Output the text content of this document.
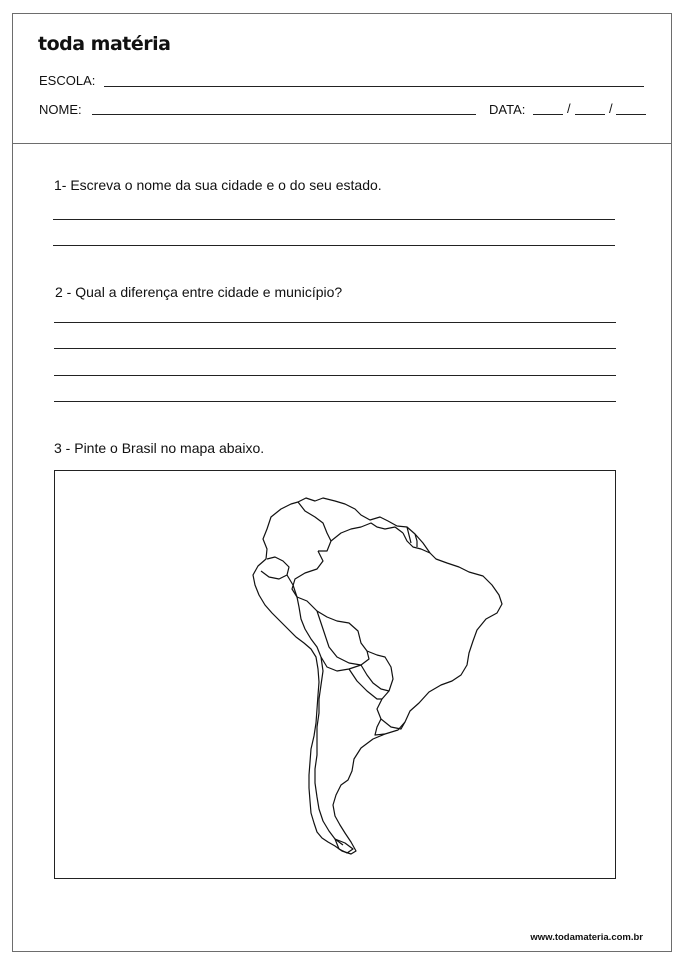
toda matéria
ESCOLA:
NOME:	DATA:	/	/
1- Escreva o nome da sua cidade e o do seu estado.
2 - Qual a diferença entre cidade e município?
3 - Pinte o Brasil no mapa abaixo.
www.todamateria.com.br
